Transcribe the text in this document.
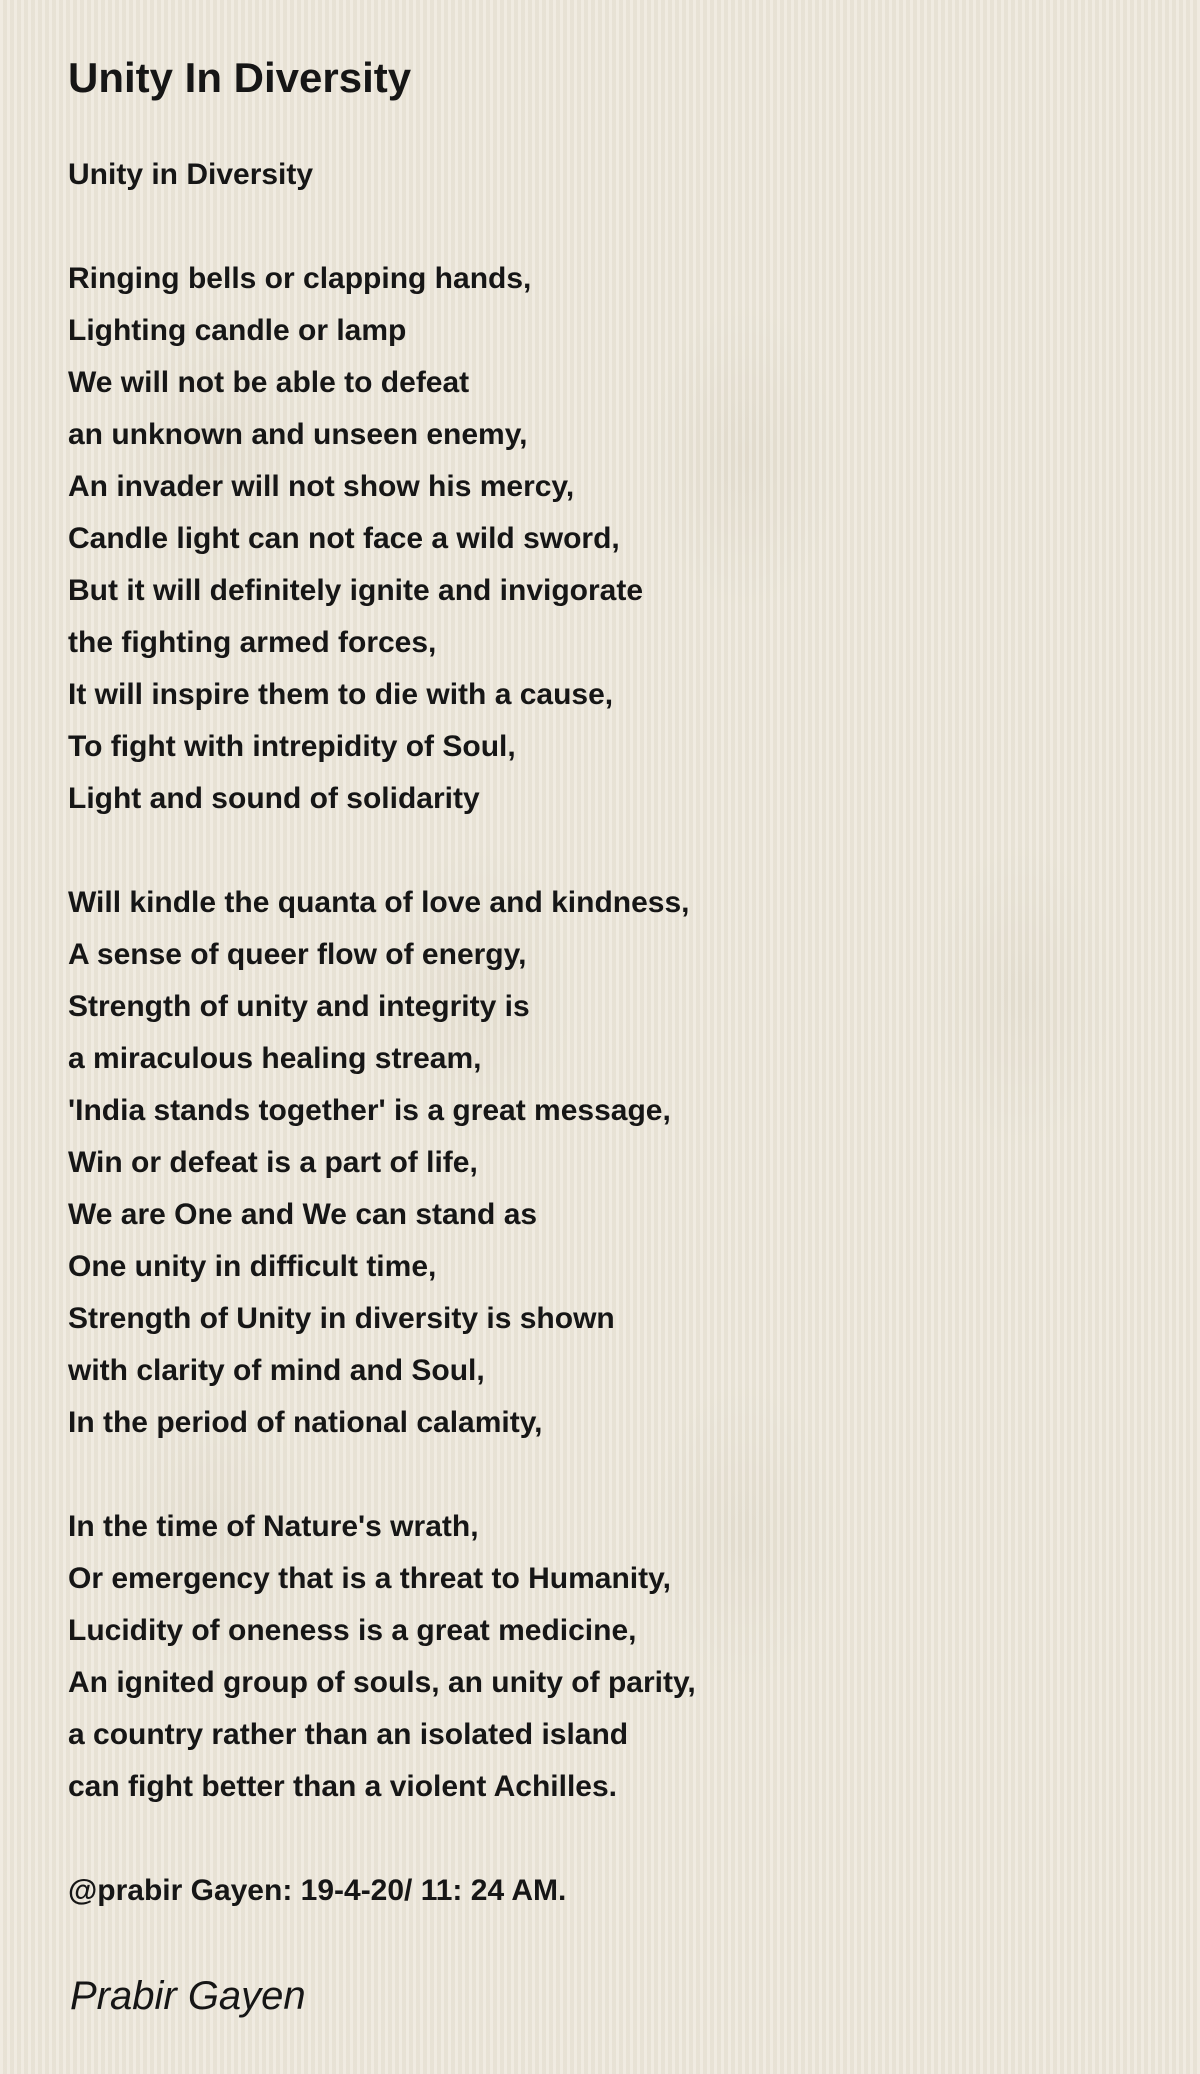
Unity In Diversity
Unity in Diversity
Ringing bells or clapping hands,
Lighting candle or lamp
We will not be able to defeat
an unknown and unseen enemy,
An invader will not show his mercy,
Candle light can not face a wild sword,
But it will definitely ignite and invigorate
the fighting armed forces,
It will inspire them to die with a cause,
To fight with intrepidity of Soul,
Light and sound of solidarity
Will kindle the quanta of love and kindness,
A sense of queer flow of energy,
Strength of unity and integrity is
a miraculous healing stream,
'India stands together' is a great message,
Win or defeat is a part of life,
We are One and We can stand as
One unity in difficult time,
Strength of Unity in diversity is shown
with clarity of mind and Soul,
In the period of national calamity,
In the time of Nature's wrath,
Or emergency that is a threat to Humanity,
Lucidity of oneness is a great medicine,
An ignited group of souls, an unity of parity,
a country rather than an isolated island
can fight better than a violent Achilles.
@prabir Gayen: 19-4-20/ 11: 24 AM.
Prabir Gayen
